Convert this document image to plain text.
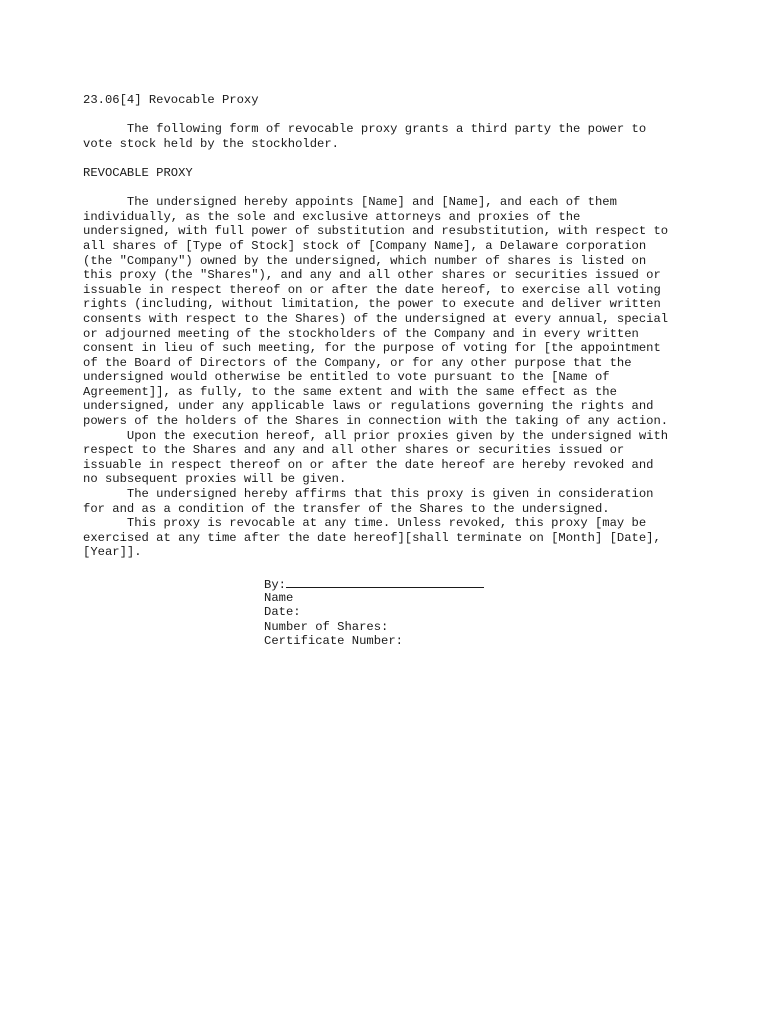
23.06[4] Revocable Proxy
The following form of revocable proxy grants a third party the power to
vote stock held by the stockholder.
REVOCABLE PROXY
The undersigned hereby appoints [Name] and [Name], and each of them
individually, as the sole and exclusive attorneys and proxies of the
undersigned, with full power of substitution and resubstitution, with respect to
all shares of [Type of Stock] stock of [Company Name], a Delaware corporation
(the "Company") owned by the undersigned, which number of shares is listed on
this proxy (the "Shares"), and any and all other shares or securities issued or
issuable in respect thereof on or after the date hereof, to exercise all voting
rights (including, without limitation, the power to execute and deliver written
consents with respect to the Shares) of the undersigned at every annual, special
or adjourned meeting of the stockholders of the Company and in every written
consent in lieu of such meeting, for the purpose of voting for [the appointment
of the Board of Directors of the Company, or for any other purpose that the
undersigned would otherwise be entitled to vote pursuant to the [Name of
Agreement]], as fully, to the same extent and with the same effect as the
undersigned, under any applicable laws or regulations governing the rights and
powers of the holders of the Shares in connection with the taking of any action.
Upon the execution hereof, all prior proxies given by the undersigned with
respect to the Shares and any and all other shares or securities issued or
issuable in respect thereof on or after the date hereof are hereby revoked and
no subsequent proxies will be given.
The undersigned hereby affirms that this proxy is given in consideration
for and as a condition of the transfer of the Shares to the undersigned.
This proxy is revocable at any time. Unless revoked, this proxy [may be
exercised at any time after the date hereof][shall terminate on [Month] [Date],
[Year]].
By:
Name
Date:
Number of Shares:
Certificate Number:
